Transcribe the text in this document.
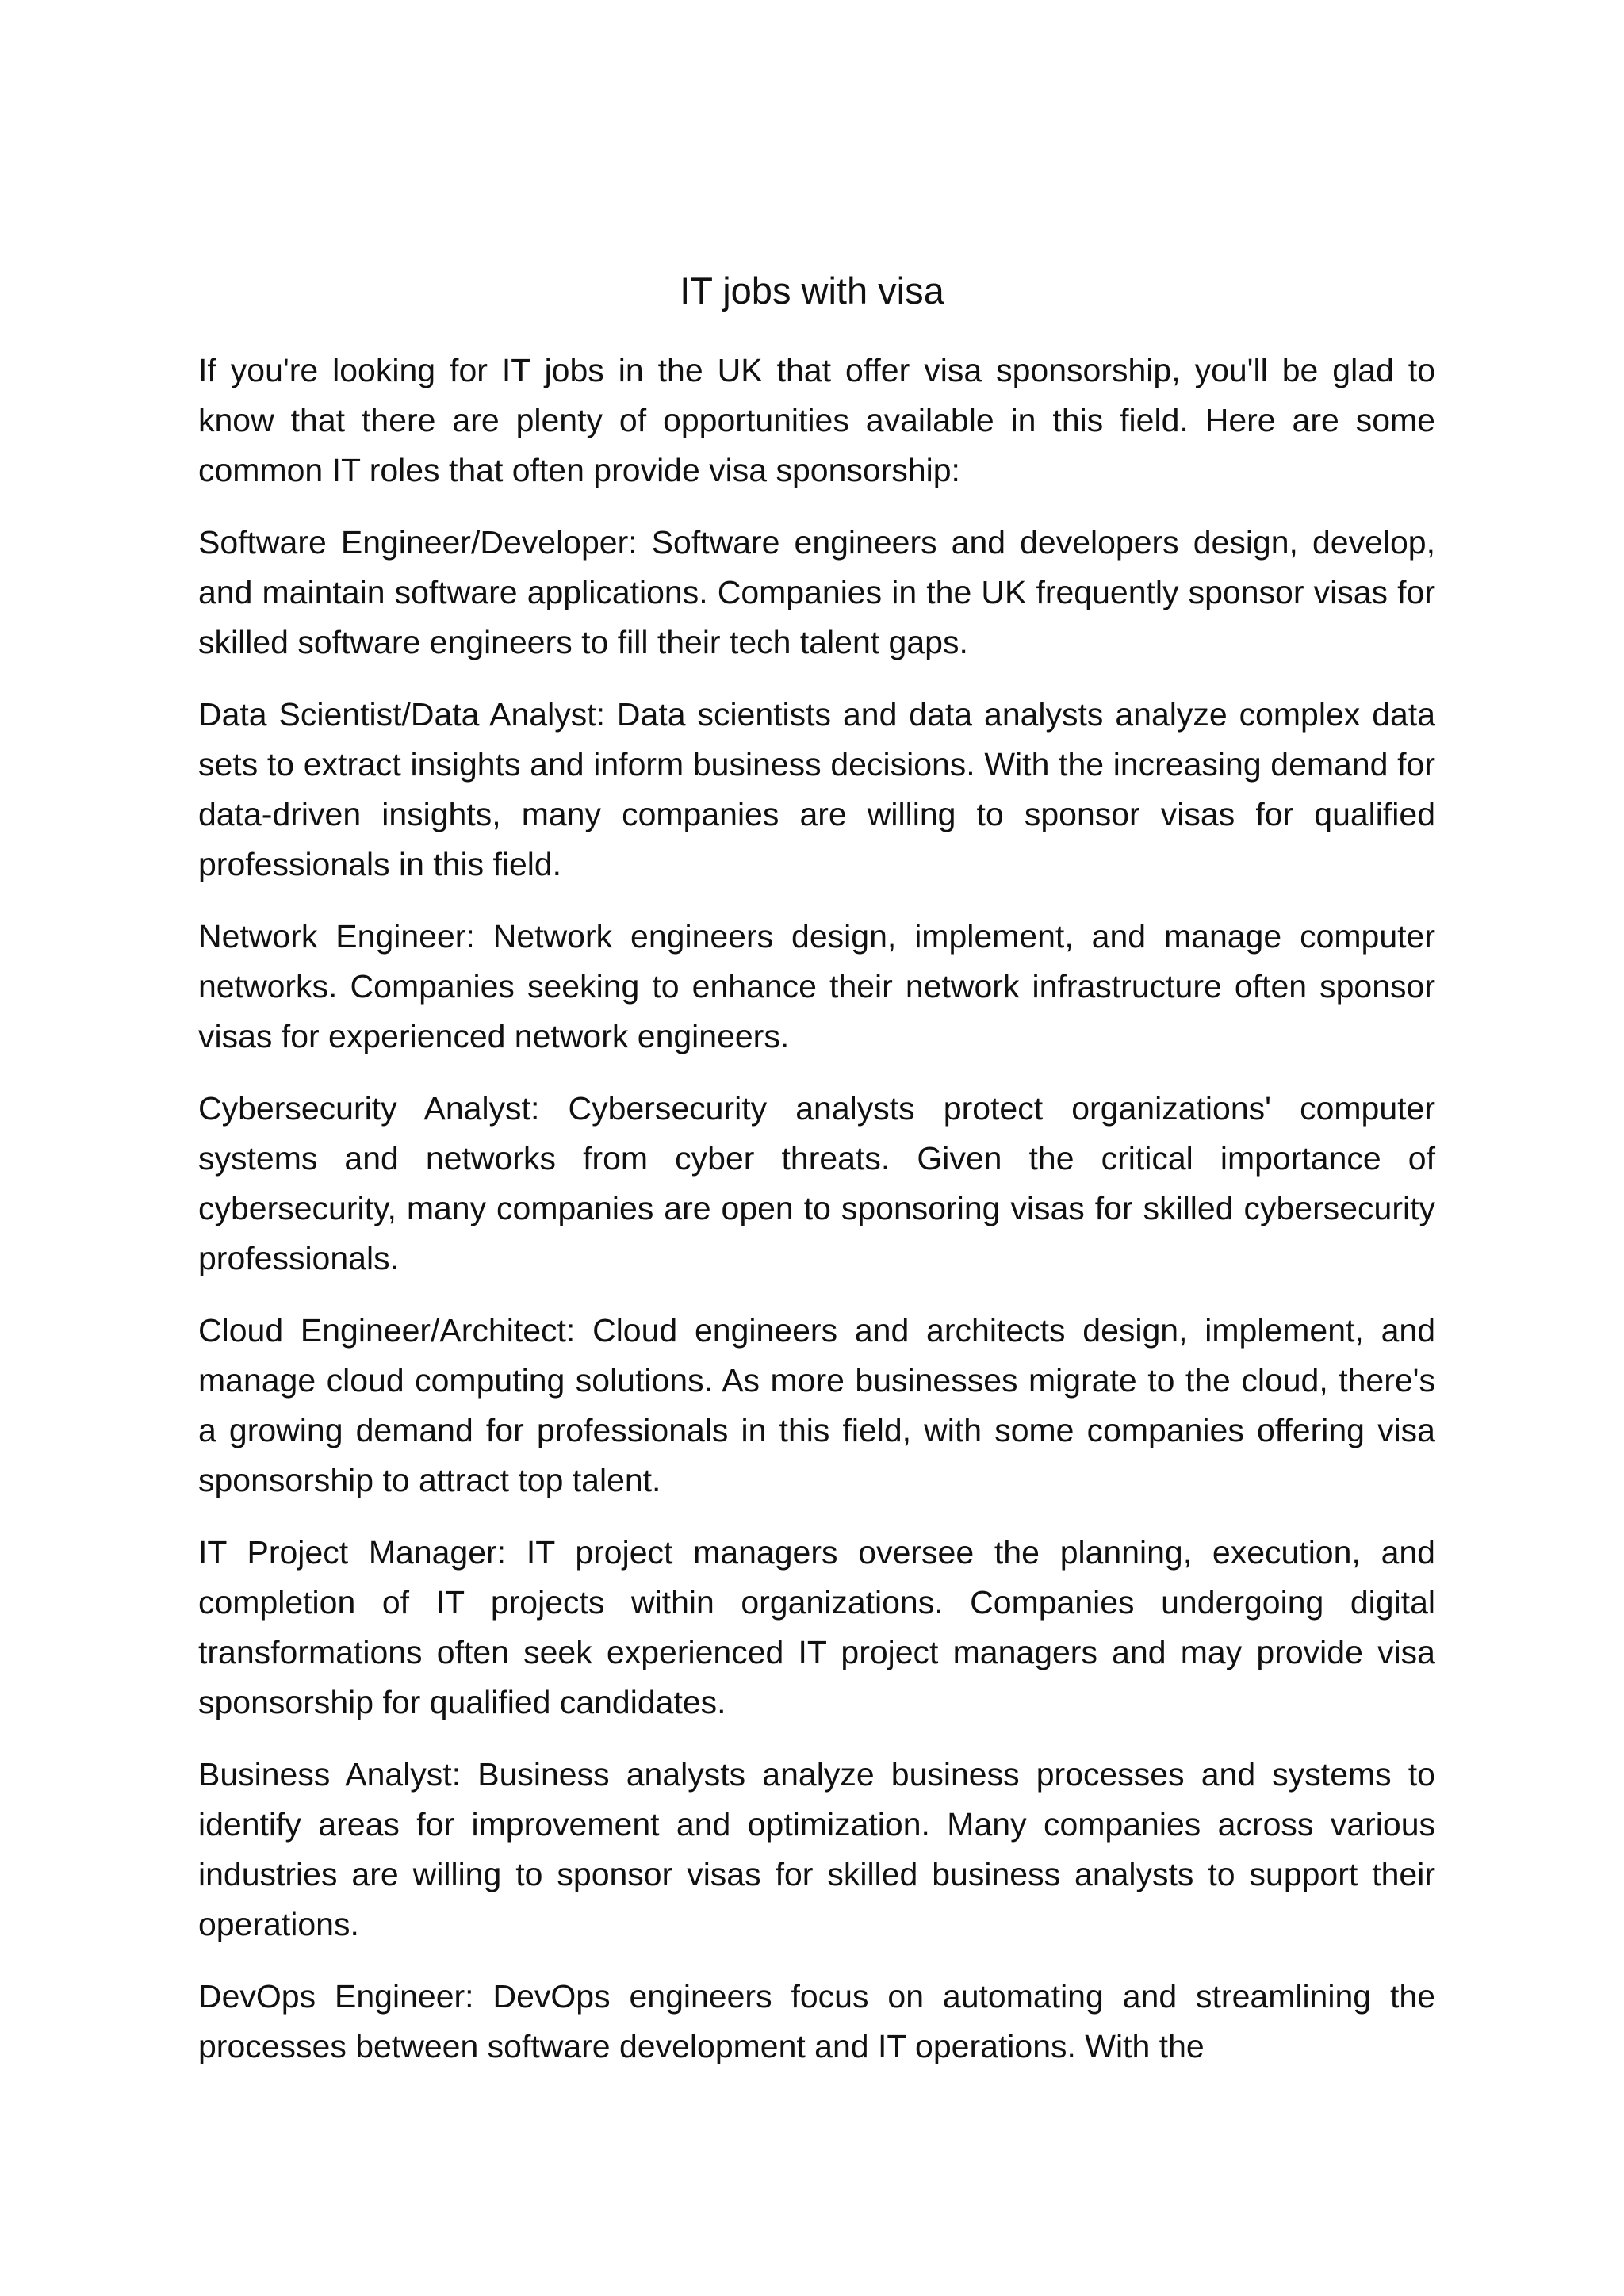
IT jobs with visa

If you're looking for IT jobs in the UK that offer visa sponsorship, you'll be glad to know that there are plenty of opportunities available in this field. Here are some common IT roles that often provide visa sponsorship:

Software Engineer/Developer: Software engineers and developers design, develop, and maintain software applications. Companies in the UK frequently sponsor visas for skilled software engineers to fill their tech talent gaps.

Data Scientist/Data Analyst: Data scientists and data analysts analyze complex data sets to extract insights and inform business decisions. With the increasing demand for data-driven insights, many companies are willing to sponsor visas for qualified professionals in this field.

Network Engineer: Network engineers design, implement, and manage computer networks. Companies seeking to enhance their network infrastructure often sponsor visas for experienced network engineers.

Cybersecurity Analyst: Cybersecurity analysts protect organizations' computer systems and networks from cyber threats. Given the critical importance of cybersecurity, many companies are open to sponsoring visas for skilled cybersecurity professionals.

Cloud Engineer/Architect: Cloud engineers and architects design, implement, and manage cloud computing solutions. As more businesses migrate to the cloud, there's a growing demand for professionals in this field, with some companies offering visa sponsorship to attract top talent.

IT Project Manager: IT project managers oversee the planning, execution, and completion of IT projects within organizations. Companies undergoing digital transformations often seek experienced IT project managers and may provide visa sponsorship for qualified candidates.

Business Analyst: Business analysts analyze business processes and systems to identify areas for improvement and optimization. Many companies across various industries are willing to sponsor visas for skilled business analysts to support their operations.

DevOps Engineer: DevOps engineers focus on automating and streamlining the processes between software development and IT operations. With the
